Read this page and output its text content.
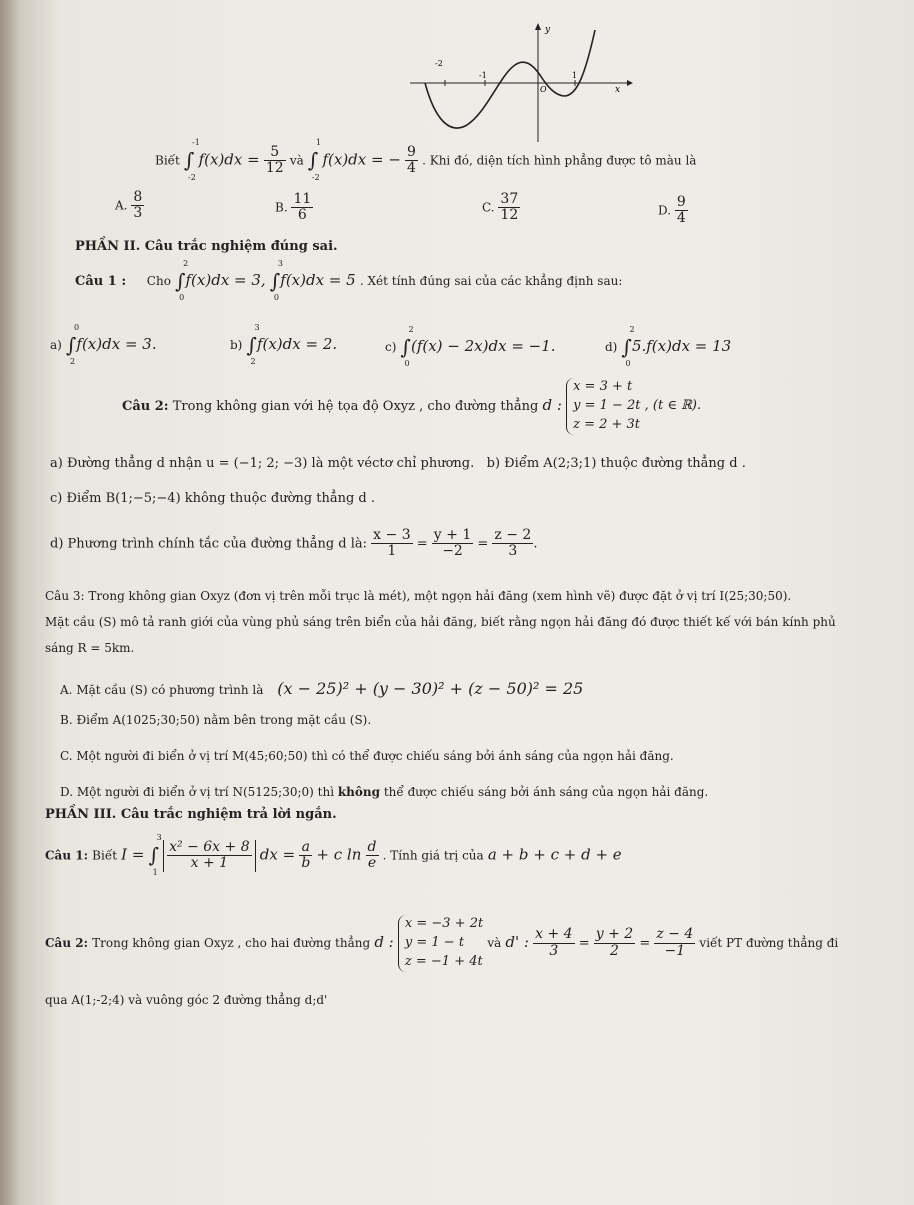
y
x
-2
-1
O
1
Biết ∫
-1
-2
$f(x)dx = \frac{5}{12}$ và ∫
1
-2
f(x)dx = − $\frac{9}{4}$ . Khi đó, diện tích hình phẳng được tô màu là
A. $\frac{8}{3}$	B. $\frac{11}{6}$	C. $\frac{37}{12}$	D. $\frac{9}{4}$
PHẦN II. Câu trắc nghiệm đúng sai.
Câu 1 : Cho ∫
2
0
f(x)dx = 3, ∫
3
0
f(x)dx = 5 . Xét tính đúng sai của các khẳng định sau:
a) ∫
0
2
f(x)dx = 3.	b) ∫
3
2
f(x)dx = 2.	c) ∫
2
0
(f(x) − 2x)dx = −1.	d) ∫
2
0
5.f(x)dx = 13
Câu 2: Trong không gian với hệ tọa độ Oxyz , cho đường thẳng d : x = 3 + t
y = 1 − 2t , (t ∈ ℝ).
z = 2 + 3t
a) Đường thẳng d nhận u = (−1; 2; −3) là một véctơ chỉ phương. b) Điểm A(2;3;1) thuộc đường thẳng d .
c) Điểm B(1;−5;−4) không thuộc đường thẳng d .
d) Phương trình chính tắc của đường thẳng d là: $\frac{x - 3}{1} = \frac{y + 1}{-2} = \frac{z - 2}{3}$ .
Câu 3: Trong không gian Oxyz (đơn vị trên mỗi trục là mét), một ngọn hải đăng (xem hình vẽ) được đặt ở vị trí I(25;30;50).
Mặt cầu (S) mô tả ranh giới của vùng phủ sáng trên biển của hải đăng, biết rằng ngọn hải đăng đó được thiết kế với bán kính phủ
sáng R = 5km.
A. Mặt cầu (S) có phương trình là (x − 25)² + (y − 30)² + (z − 50)² = 25
B. Điểm A(1025;30;50) nằm bên trong mặt cầu (S).
C. Một người đi biển ở vị trí M(45;60;50) thì có thể được chiếu sáng bởi ánh sáng của ngọn hải đăng.
D. Một người đi biển ở vị trí N(5125;30;0) thì không thể được chiếu sáng bởi ánh sáng của ngọn hải đăng.
PHẦN III. Câu trắc nghiệm trả lời ngắn.
Câu 1: Biết I = ∫
3
1

$\frac{\text{x² − 6x + 8}}{x + 1}$ dx = $\frac{a}{b} + c$ $\ln \frac{d}{e}$ . Tính giá trị của a + b + c + d + e
Câu 2: Trong không gian Oxyz , cho hai đường thẳng d : x = −3 + 2t
y = 1 − t
z = −1 + 4t và d' : $\frac{x + 4}{3} = \frac{y + 2}{2} = \frac{z - 4}{-1}$ viết PT đường thẳng đi
qua A(1;-2;4) và vuông góc 2 đường thẳng d;d'
